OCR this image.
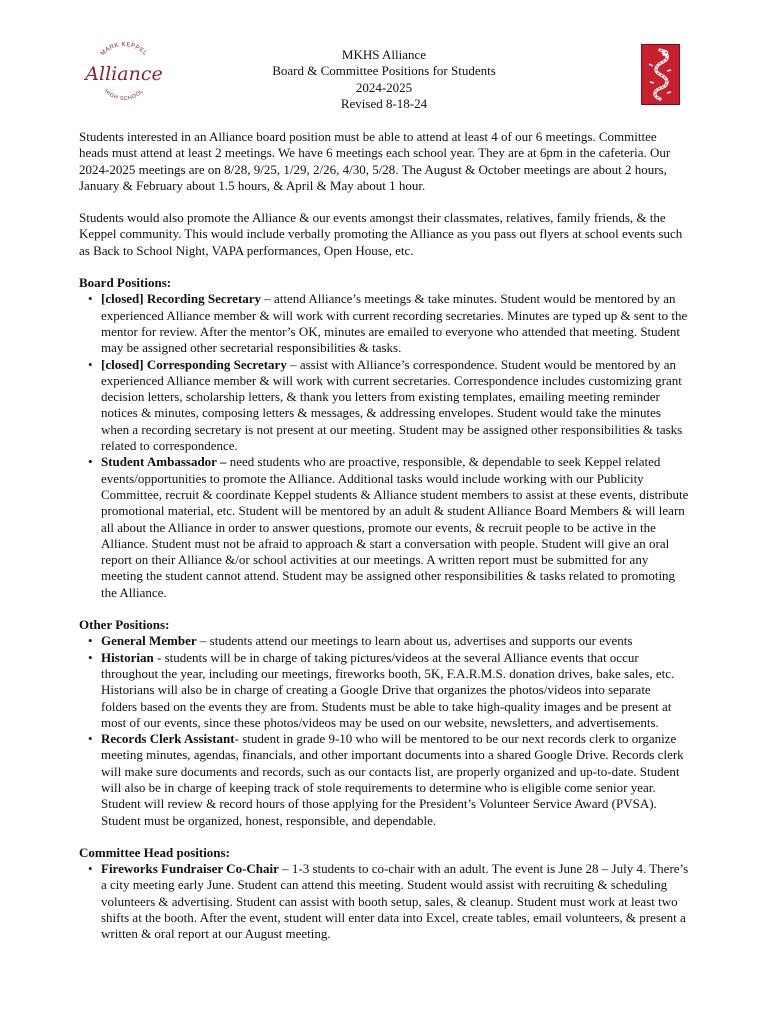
MARK KEPPEL
Alliance
HIGH SCHOOL
MKHS Alliance
Board & Committee Positions for Students
2024-2025
Revised 8-18-24

Students interested in an Alliance board position must be able to attend at least 4 of our 6 meetings. Committee heads must attend at least 2 meetings. We have 6 meetings each school year. They are at 6pm in the cafeteria. Our 2024-2025 meetings are on 8/28, 9/25, 1/29, 2/26, 4/30, 5/28. The August & October meetings are about 2 hours, January & February about 1.5 hours, & April & May about 1 hour.

Students would also promote the Alliance & our events amongst their classmates, relatives, family friends, & the Keppel community. This would include verbally promoting the Alliance as you pass out flyers at school events such as Back to School Night, VAPA performances, Open House, etc.

Board Positions:
• [closed] Recording Secretary – attend Alliance’s meetings & take minutes. Student would be mentored by an experienced Alliance member & will work with current recording secretaries. Minutes are typed up & sent to the mentor for review. After the mentor’s OK, minutes are emailed to everyone who attended that meeting. Student may be assigned other secretarial responsibilities & tasks.
• [closed] Corresponding Secretary – assist with Alliance’s correspondence. Student would be mentored by an experienced Alliance member & will work with current secretaries. Correspondence includes customizing grant decision letters, scholarship letters, & thank you letters from existing templates, emailing meeting reminder notices & minutes, composing letters & messages, & addressing envelopes. Student would take the minutes when a recording secretary is not present at our meeting. Student may be assigned other responsibilities & tasks related to correspondence.
• Student Ambassador – need students who are proactive, responsible, & dependable to seek Keppel related events/opportunities to promote the Alliance. Additional tasks would include working with our Publicity Committee, recruit & coordinate Keppel students & Alliance student members to assist at these events, distribute promotional material, etc. Student will be mentored by an adult & student Alliance Board Members & will learn all about the Alliance in order to answer questions, promote our events, & recruit people to be active in the Alliance. Student must not be afraid to approach & start a conversation with people. Student will give an oral report on their Alliance &/or school activities at our meetings. A written report must be submitted for any meeting the student cannot attend. Student may be assigned other responsibilities & tasks related to promoting the Alliance.
Other Positions:
• General Member – students attend our meetings to learn about us, advertises and supports our events
• Historian - students will be in charge of taking pictures/videos at the several Alliance events that occur throughout the year, including our meetings, fireworks booth, 5K, F.A.R.M.S. donation drives, bake sales, etc. Historians will also be in charge of creating a Google Drive that organizes the photos/videos into separate folders based on the events they are from. Students must be able to take high-quality images and be present at most of our events, since these photos/videos may be used on our website, newsletters, and advertisements.
• Records Clerk Assistant- student in grade 9-10 who will be mentored to be our next records clerk to organize meeting minutes, agendas, financials, and other important documents into a shared Google Drive. Records clerk will make sure documents and records, such as our contacts list, are properly organized and up-to-date. Student will also be in charge of keeping track of stole requirements to determine who is eligible come senior year. Student will review & record hours of those applying for the President’s Volunteer Service Award (PVSA). Student must be organized, honest, responsible, and dependable.
Committee Head positions:
• Fireworks Fundraiser Co-Chair – 1-3 students to co-chair with an adult. The event is June 28 – July 4. There’s a city meeting early June. Student can attend this meeting. Student would assist with recruiting & scheduling volunteers & advertising. Student can assist with booth setup, sales, & cleanup. Student must work at least two shifts at the booth. After the event, student will enter data into Excel, create tables, email volunteers, & present a written & oral report at our August meeting.
